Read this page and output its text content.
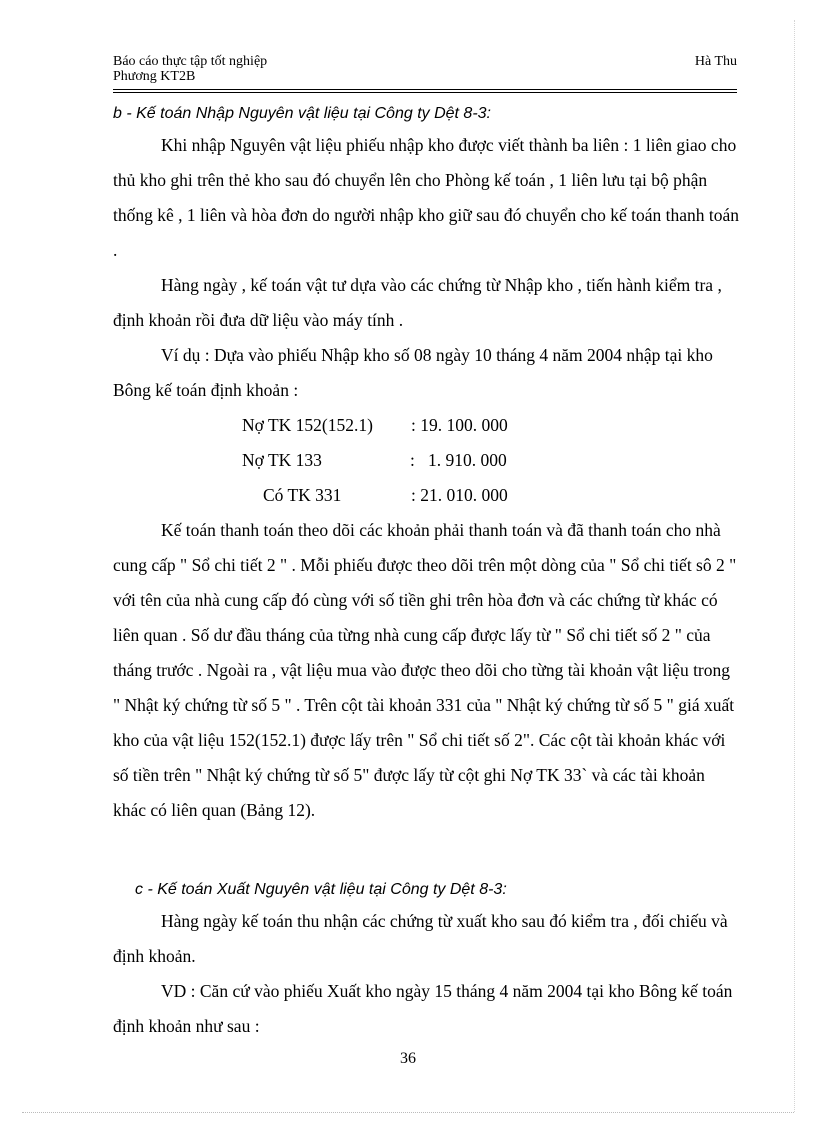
Báo cáo thực tập tốt nghiệp
Phương KT2B
Hà Thu

b - Kế toán Nhập Nguyên vật liệu tại Công ty Dệt 8-3:

Khi nhập Nguyên vật liệu phiếu nhập kho được viết thành ba liên : 1 liên giao cho thủ kho ghi trên thẻ kho sau đó chuyển lên cho Phòng kế toán , 1 liên lưu tại bộ phận thống kê , 1 liên và hòa đơn do người nhập kho giữ sau đó chuyển cho kế toán thanh toán .

Hàng ngày , kế toán vật tư dựa vào các chứng từ Nhập kho , tiến hành kiểm tra , định khoản rồi đưa dữ liệu vào máy tính .

Ví dụ : Dựa vào phiếu Nhập kho số 08 ngày 10 tháng 4 năm 2004 nhập tại kho Bông kế toán định khoản :

Nợ TK 152(152.1) : 19. 100. 000
Nợ TK 133	:   1. 910. 000
Có TK 331	: 21. 010. 000

Kế toán thanh toán theo dõi các khoản phải thanh toán và đã thanh toán cho nhà cung cấp " Sổ chi tiết 2 " . Mỗi phiếu được theo dõi trên một dòng của " Sổ chi tiết sô 2 " với tên của nhà cung cấp đó cùng với số tiền ghi trên hòa đơn và các chứng từ khác có liên quan . Số dư đầu tháng của từng nhà cung cấp được lấy từ " Sổ chi tiết số 2 " của tháng trước . Ngoài ra , vật liệu mua vào được theo dõi cho từng tài khoản vật liệu trong " Nhật ký chứng từ số 5 " . Trên cột tài khoản 331 của " Nhật ký chứng từ số 5 " giá xuất kho của vật liệu 152(152.1) được lấy trên " Sổ chi tiết số 2". Các cột tài khoản khác với số tiền trên " Nhật ký chứng từ số 5" được lấy từ cột ghi Nợ TK 33` và các tài khoản khác có liên quan (Bảng 12).

c - Kế toán Xuất Nguyên vật liệu tại Công ty Dệt 8-3:

Hàng ngày kế toán thu nhận các chứng từ xuất kho sau đó kiểm tra , đối chiếu và định khoản.

VD : Căn cứ vào phiếu Xuất kho ngày 15 tháng 4 năm 2004 tại kho Bông kế toán định khoản như sau :

36
